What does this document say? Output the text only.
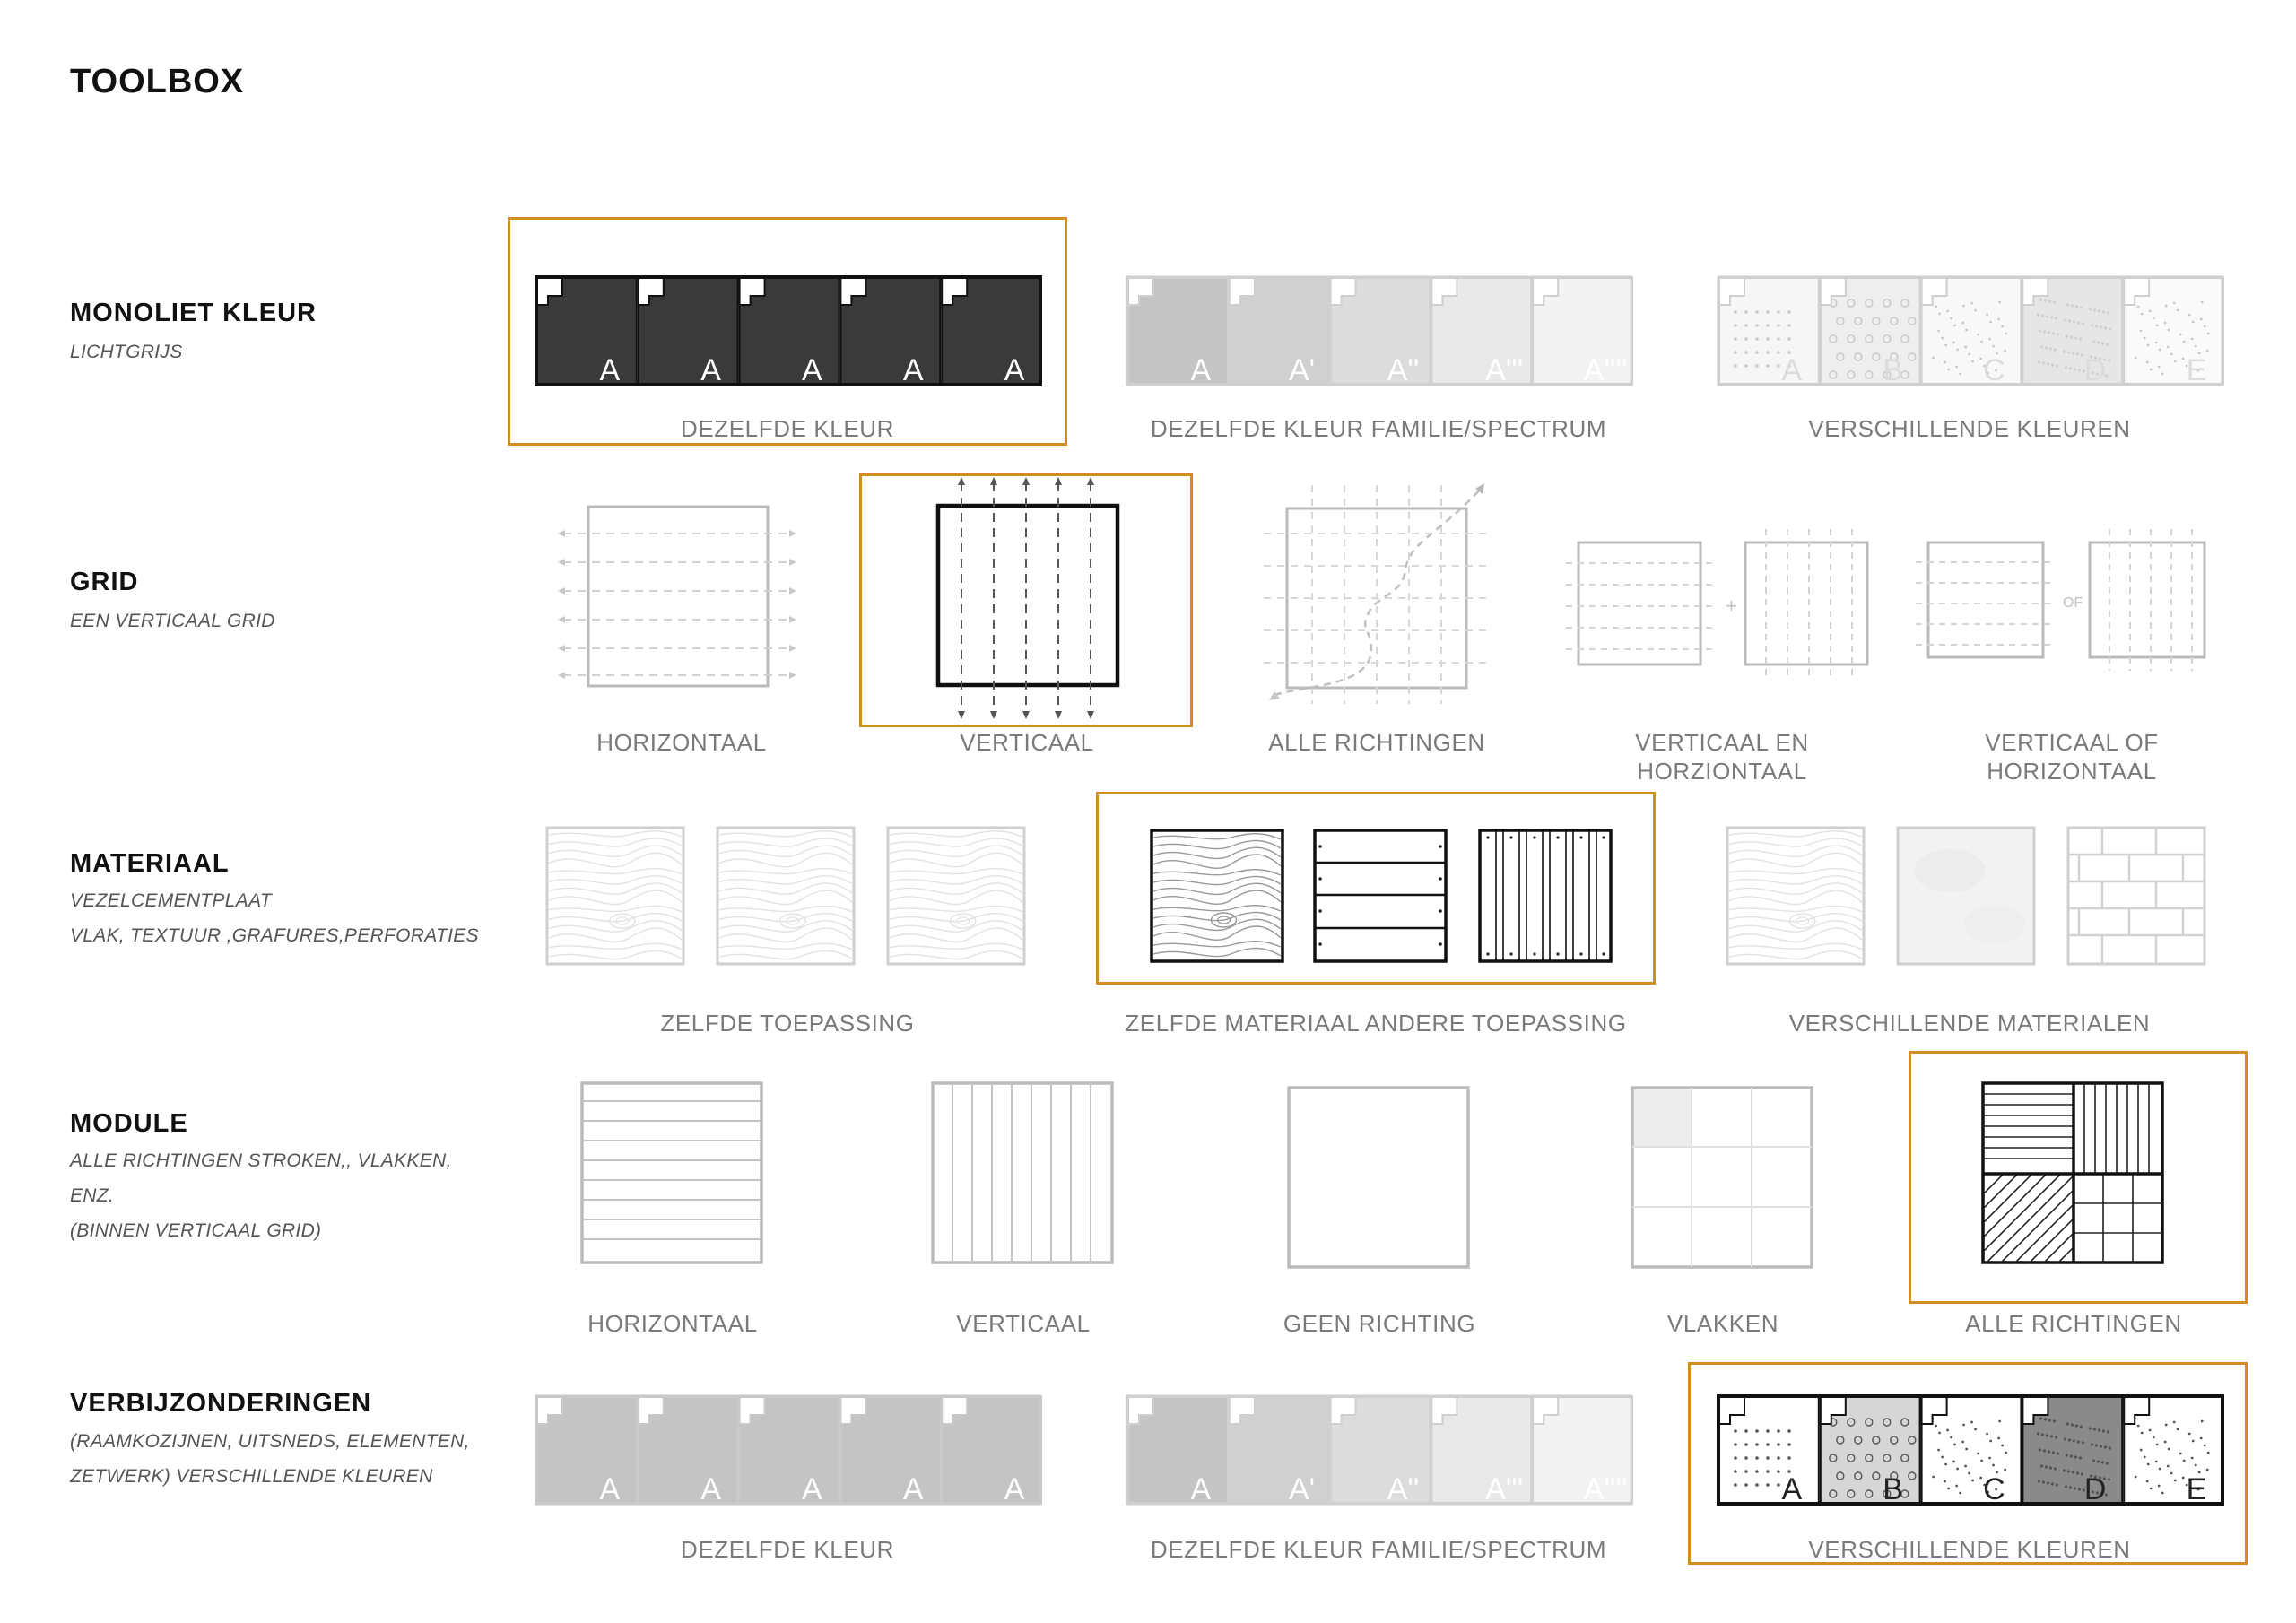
TOOLBOX
MONOLIET KLEUR
LICHTGRIJS
GRID
EEN VERTICAAL GRID
MATERIAAL
VEZELCEMENTPLAAT
VLAK, TEXTUUR ,GRAFURES,PERFORATIES
MODULE
ALLE RICHTINGEN STROKEN,, VLAKKEN,
ENZ.
(BINNEN VERTICAAL GRID)
VERBIJZONDERINGEN
(RAAMKOZIJNEN, UITSNEDS, ELEMENTEN,
ZETWERK) VERSCHILLENDE KLEUREN
A	A	A	A	A	A	A' A'' A''' A''''	A	B	C	D	E
DEZELFDE KLEUR	DEZELFDE KLEUR FAMILIE/SPECTRUM	VERSCHILLENDE KLEUREN
+	OF
HORIZONTAAL	VERTICAAL	ALLE RICHTINGEN	VERTICAAL EN
HORZIONTAAL
VERTICAAL OF
HORIZONTAAL
ZELFDE TOEPASSING	ZELFDE MATERIAAL ANDERE TOEPASSING	VERSCHILLENDE MATERIALEN
HORIZONTAAL	VERTICAAL	GEEN RICHTING	VLAKKEN	ALLE RICHTINGEN
A	A	A	A	A	A	A' A'' A''' A''''	A	B	C	D	E
DEZELFDE KLEUR	DEZELFDE KLEUR FAMILIE/SPECTRUM	VERSCHILLENDE KLEUREN
